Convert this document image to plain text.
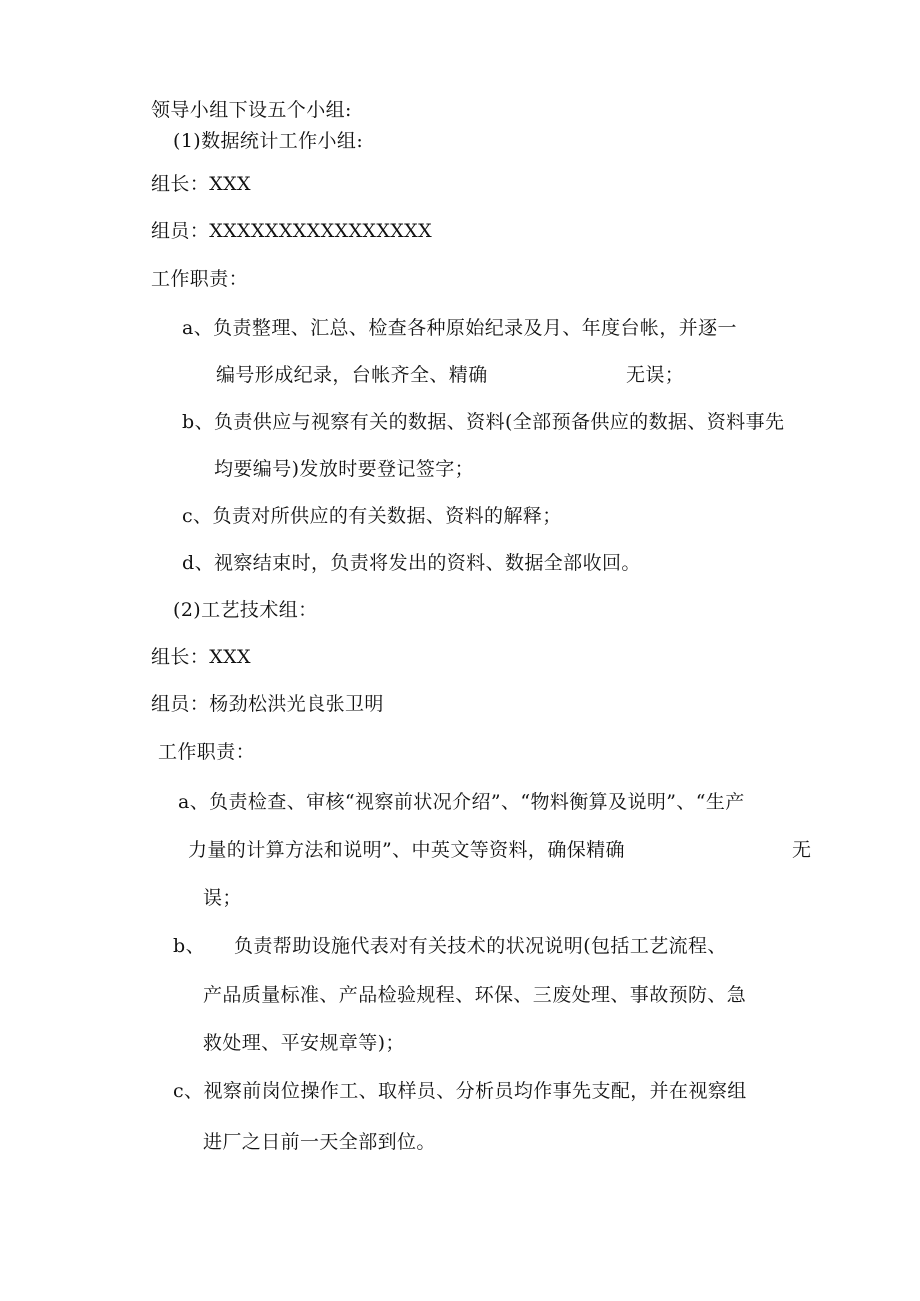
领导小组下设五个小组:
(1)数据统计工作小组:
组长：XXX
组员：XXXXXXXXXXXXXXXX
工作职责：
a、负责整理、汇总、检查各种原始纪录及月、年度台帐，并逐一
编号形成纪录，台帐齐全、精确	无误；
b、负责供应与视察有关的数据、资料(全部预备供应的数据、资料事先
均要编号)发放时要登记签字；
c、负责对所供应的有关数据、资料的解释；
d、视察结束时，负责将发出的资料、数据全部收回。
(2)工艺技术组：
组长：XXX
组员：杨劲松洪光良张卫明
工作职责：
a、负责检查、审核“视察前状况介绍”、“物料衡算及说明”、“生产
力量的计算方法和说明”、中英文等资料，确保精确	无
误；
b、 负责帮助设施代表对有关技术的状况说明(包括工艺流程、
产品质量标准、产品检验规程、环保、三废处理、事故预防、急
救处理、平安规章等)；
c、视察前岗位操作工、取样员、分析员均作事先支配，并在视察组
进厂之日前一天全部到位。
